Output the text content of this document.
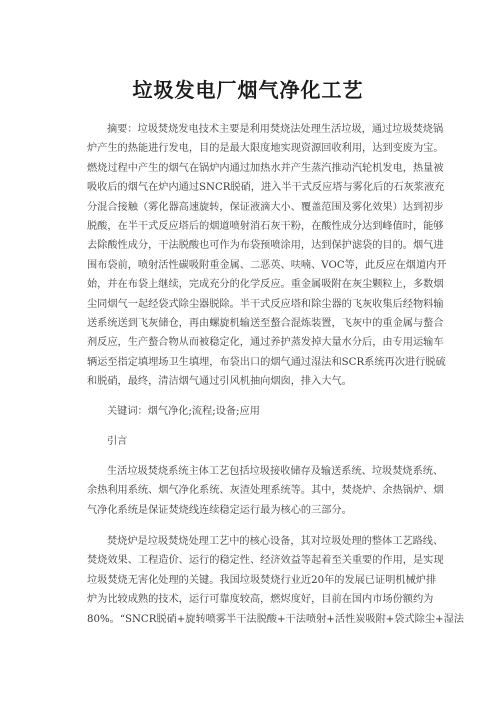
垃圾发电厂烟气净化工艺
摘要：垃圾焚烧发电技术主要是利用焚烧法处理生活垃圾，通过垃圾焚烧锅
炉产生的热能进行发电，目的是最大限度地实现资源回收利用，达到变废为宝。
燃烧过程中产生的烟气在锅炉内通过加热水并产生蒸汽推动汽轮机发电，热量被
吸收后的烟气在炉内通过SNCR脱硝，进入半干式反应塔与雾化后的石灰浆液充
分混合接触（雾化器高速旋转，保证液滴大小、覆盖范围及雾化效果）达到初步
脱酸，在半干式反应塔后的烟道喷射消石灰干粉，在酸性成分达到峰值时，能够
去除酸性成分，干法脱酸也可作为布袋预喷涂用，达到保护滤袋的目的。烟气进
围布袋前，喷射活性碳吸附重金属、二恶英、呋喃、VOC等，此反应在烟道内开
始，并在布袋上继续，完成充分的化学反应。重金属吸附在灰尘颗粒上，多数烟
尘同烟气一起经袋式除尘器脱除。半干式反应塔和除尘器的飞灰收集后经物料输
送系统送到飞灰储仓，再由螺旋机输送至螯合混炼装置，飞灰中的重金属与螯合
剂反应，生产螯合物从而被稳定化，通过养护蒸发掉大量水分后，由专用运输车
辆运至指定填埋场卫生填埋，布袋出口的烟气通过湿法和SCR系统再次进行脱硫
和脱硝，最终，清洁烟气通过引风机抽向烟囱，排入大气。
关键词：烟气净化;流程;设备;应用
引言
生活垃圾焚烧系统主体工艺包括垃圾接收储存及输送系统、垃圾焚烧系统、
余热利用系统、烟气净化系统、灰渣处理系统等。其中，焚烧炉、余热锅炉、烟
气净化系统是保证焚烧线连续稳定运行最为核心的三部分。
焚烧炉是垃圾焚烧处理工艺中的核心设备，其对垃圾处理的整体工艺路线、
焚烧效果、工程造价、运行的稳定性、经济效益等起着至关重要的作用，是实现
垃圾焚烧无害化处理的关键。我国垃圾焚烧行业近20年的发展已证明机械炉排
炉为比较成熟的技术，运行可靠度较高，燃烬度好，目前在国内市场份额约为
80%。“SNCR脱硝+旋转喷雾半干法脱酸+干法喷射+活性炭吸附+袋式除尘+湿法
